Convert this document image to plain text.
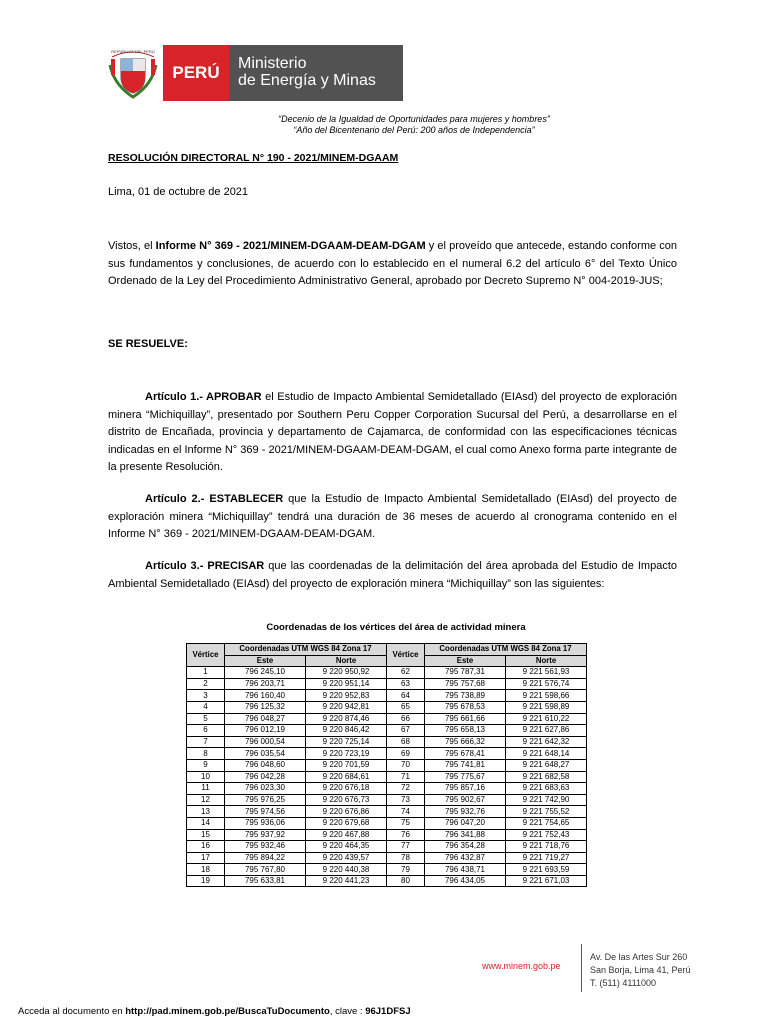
REPÚBLICA DEL PERÚ
PERÚ	Ministerio
de Energía y Minas
“Decenio de la Igualdad de Oportunidades para mujeres y hombres”
“Año del Bicentenario del Perú: 200 años de Independencia”
RESOLUCIÓN DIRECTORAL N° 190 - 2021/MINEM-DGAAM
Lima, 01 de octubre de 2021
Vistos, el Informe N° 369 - 2021/MINEM-DGAAM-DEAM-DGAM y el proveído que antecede, estando conforme con sus fundamentos y conclusiones, de acuerdo con lo establecido en el numeral 6.2 del artículo 6° del Texto Único Ordenado de la Ley del Procedimiento Administrativo General, aprobado por Decreto Supremo N° 004-2019-JUS;
SE RESUELVE:
Artículo 1.- APROBAR el Estudio de Impacto Ambiental Semidetallado (EIAsd) del proyecto de exploración minera “Michiquillay”, presentado por Southern Peru Copper Corporation Sucursal del Perú, a desarrollarse en el distrito de Encañada, provincia y departamento de Cajamarca, de conformidad con las especificaciones técnicas indicadas en el Informe N° 369 - 2021/MINEM-DGAAM-DEAM-DGAM, el cual como Anexo forma parte integrante de la presente Resolución.
Artículo 2.- ESTABLECER que la Estudio de Impacto Ambiental Semidetallado (EIAsd) del proyecto de exploración minera “Michiquillay” tendrá una duración de 36 meses de acuerdo al cronograma contenido en el Informe N° 369 - 2021/MINEM-DGAAM-DEAM-DGAM.
Artículo 3.- PRECISAR que las coordenadas de la delimitación del área aprobada del Estudio de Impacto Ambiental Semidetallado (EIAsd) del proyecto de exploración minera “Michiquillay” son las siguientes:
Coordenadas de los vértices del área de actividad minera
Vértice	Coordenadas UTM WGS 84 Zona 17		Vértice	Coordenadas UTM WGS 84 Zona 17	
	Este	Norte		Este	Norte
1	796 245,10	9 220 950,92	62	795 787,31	9 221 561,93
2	796 203,71	9 220 951,14	63	795 757,68	9 221 576,74
3	796 160,40	9 220 952,83	64	795 738,89	9 221 598,66
4	796 125,32	9 220 942,81	65	795 678,53	9 221 598,89
5	796 048,27	9 220 874,46	66	795 661,66	9 221 610,22
6	796 012,19	9 220 846,42	67	795 658,13	9 221 627,86
7	796 000,54	9 220 725,14	68	795 666,32	9 221 642,32
8	796 035,54	9 220 723,19	69	795 678,41	9 221 648,14
9	796 048,60	9 220 701,59	70	795 741,81	9 221 648,27
10	796 042,28	9 220 684,61	71	795 775,67	9 221 682,58
11	796 023,30	9 220 676,18	72	795 857,16	9 221 683,63
12	795 976,25	9 220 676,73	73	795 902,67	9 221 742,90
13	795 974,56	9 220 676,86	74	795 932,76	9 221 755,52
14	795 936,06	9 220 679,68	75	796 047,20	9 221 754,65
15	795 937,92	9 220 467,88	76	796 341,88	9 221 752,43
16	795 932,46	9 220 464,35	77	796 354,28	9 221 718,76
17	795 894,22	9 220 439,57	78	796 432,87	9 221 719,27
18	795 767,80	9 220 440,38	79	796 438,71	9 221 693,59
19	795 633,81	9 220 441,23	80	796 434,05	9 221 671,03
www.minem.gob.pe
Av. De las Artes Sur 260
San Borja, Lima 41, Perú
T. (511) 4111000
Acceda al documento en http://pad.minem.gob.pe/BuscaTuDocumento, clave : 96J1DFSJ
